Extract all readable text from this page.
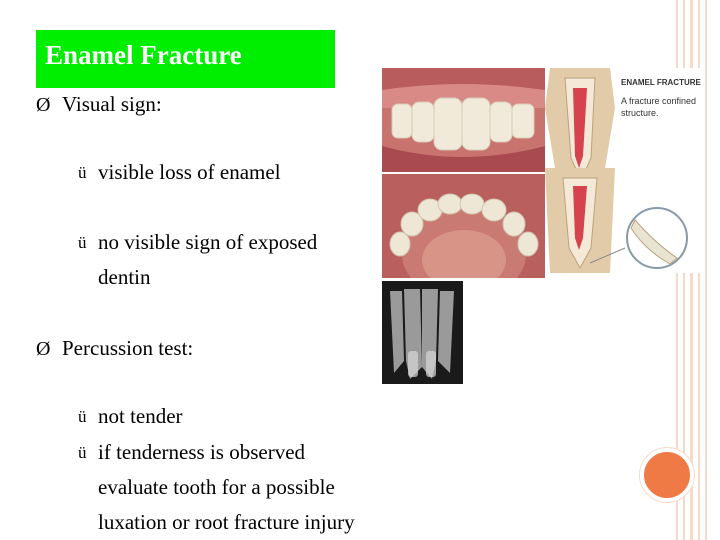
Enamel Fracture
Ø Visual sign:
ü visible loss of enamel
ü no visible sign of exposed
dentin
Ø Percussion test:
ü not tender
ü if tenderness is observed
evaluate tooth for a possible
luxation or root fracture injury
ENAMEL FRACTURE
A fracture confined
structure.
